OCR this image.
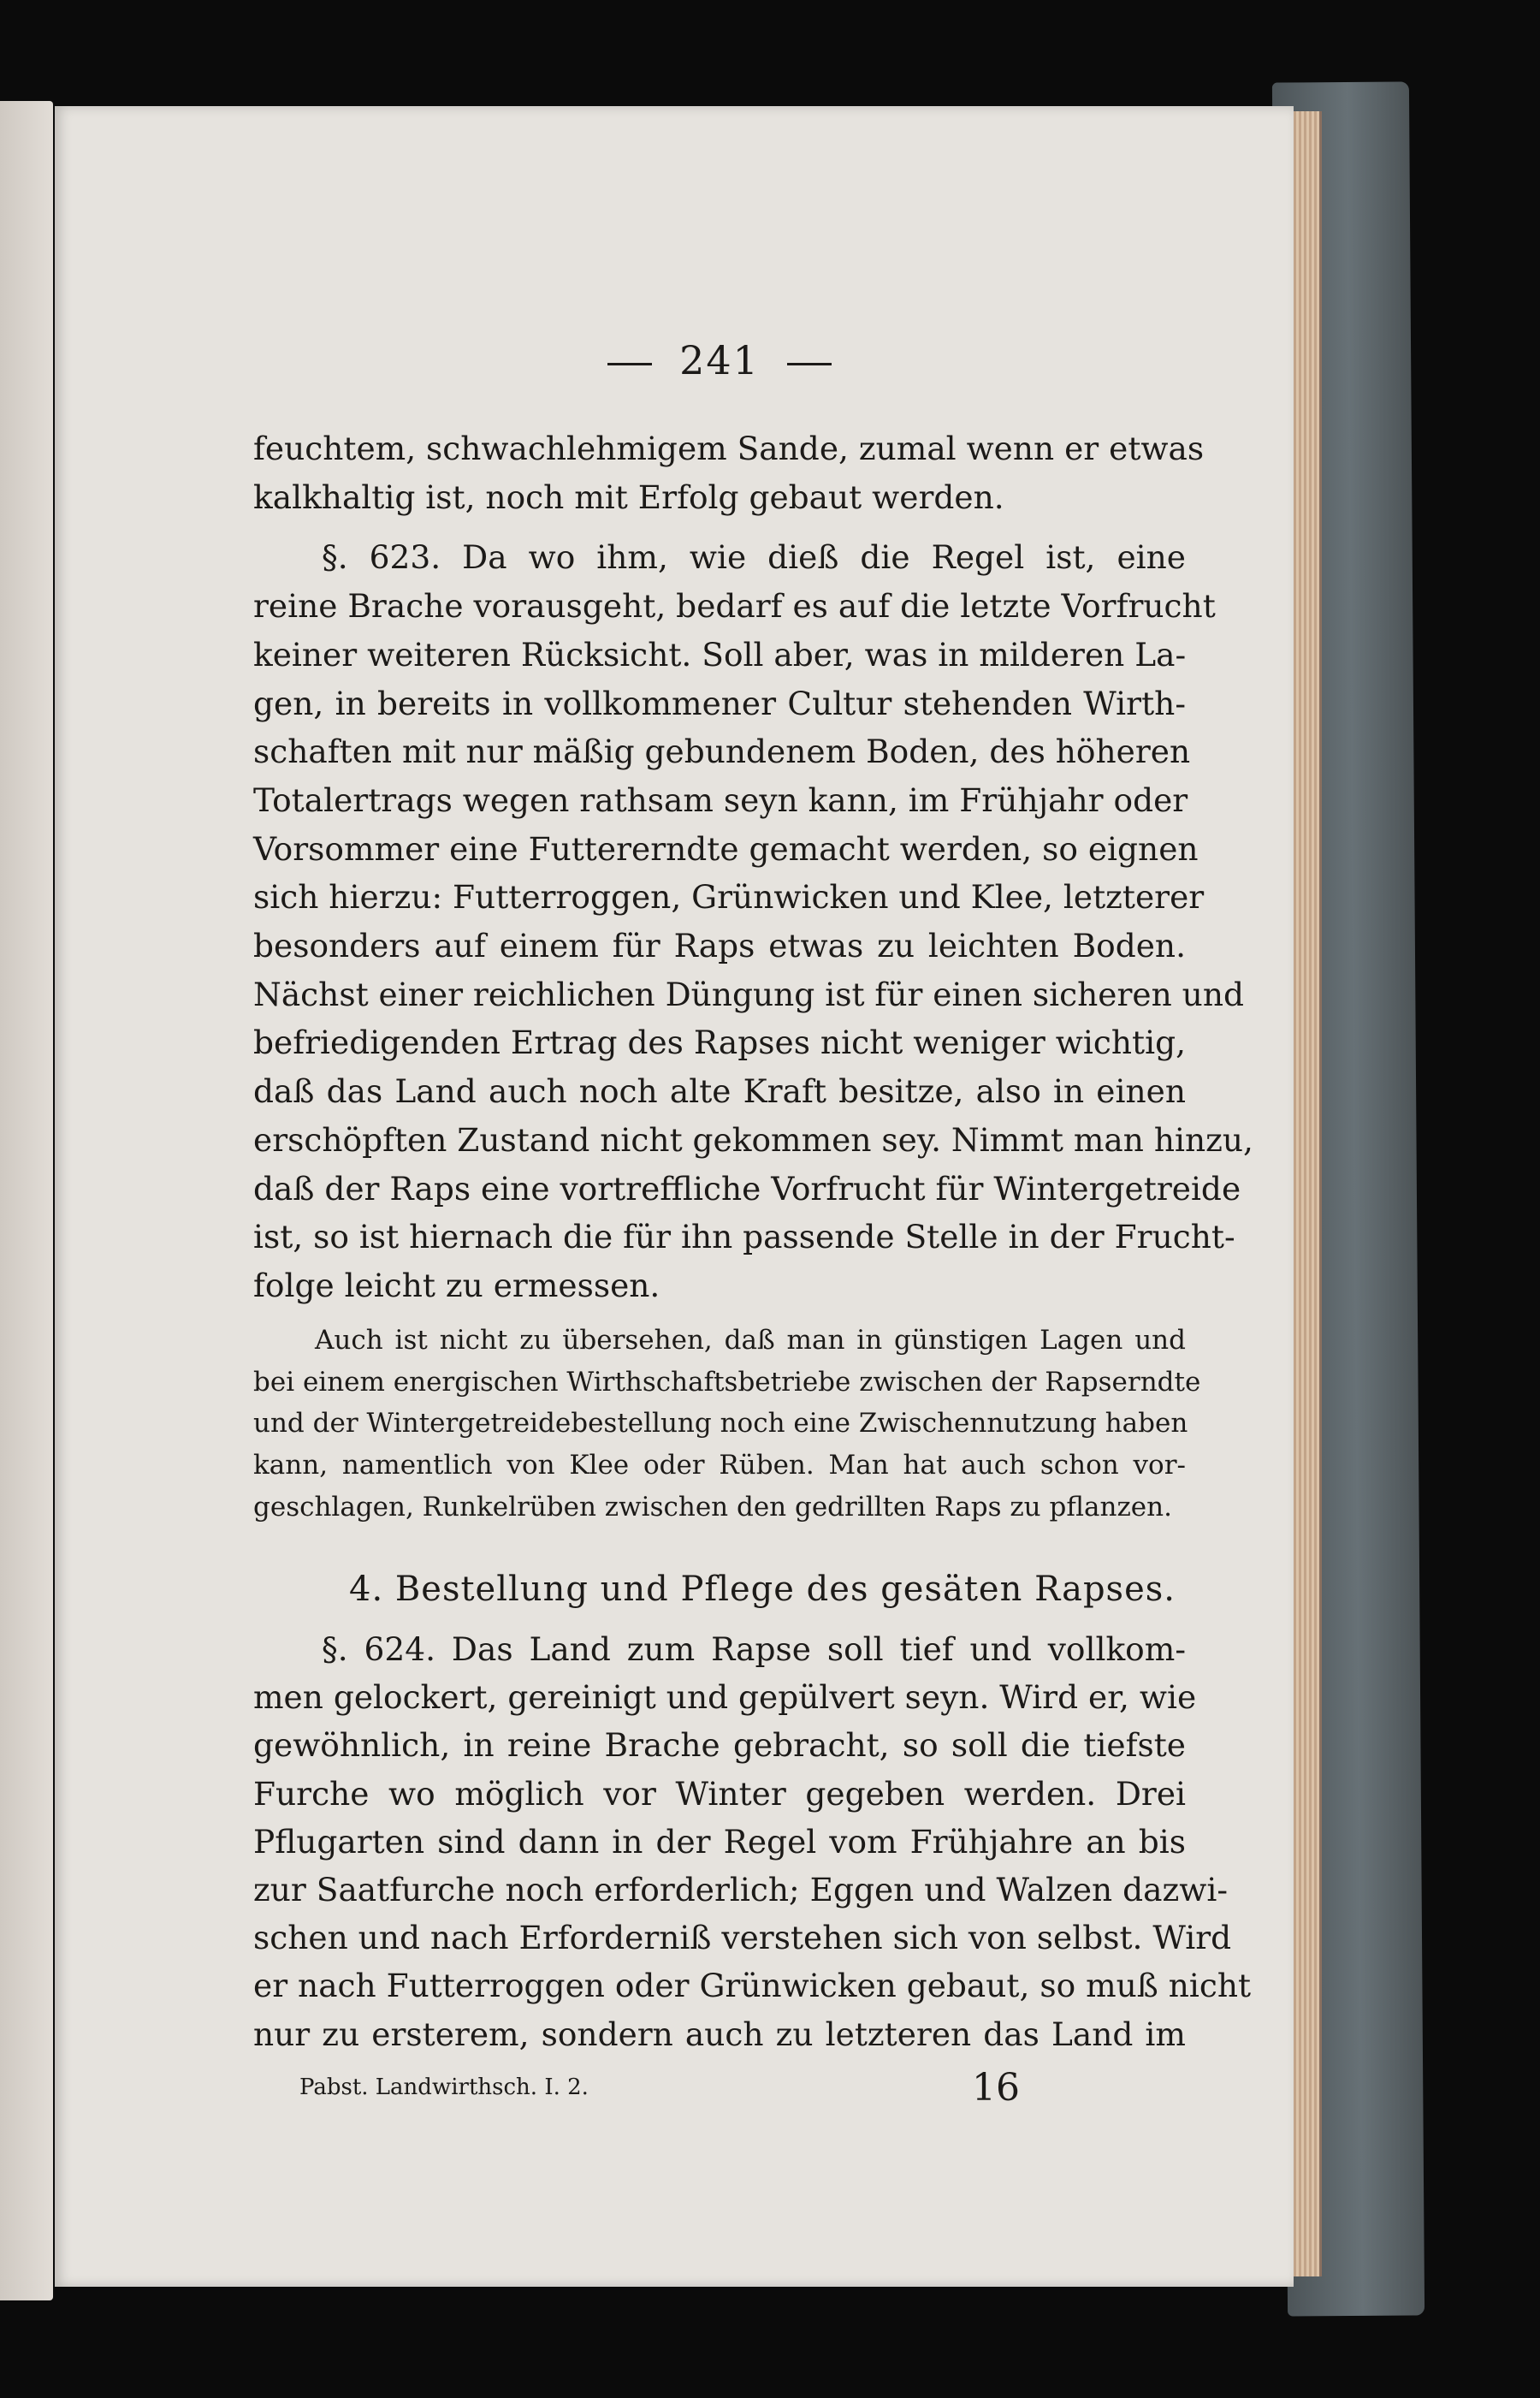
241
feuchtem, schwachlehmigem Sande, zumal wenn er etwas
kalkhaltig ist, noch mit Erfolg gebaut werden.
§. 623. Da wo ihm, wie dieß die Regel ist, eine
reine Brache vorausgeht, bedarf es auf die letzte Vorfrucht
keiner weiteren Rücksicht. Soll aber, was in milderen La-
gen, in bereits in vollkommener Cultur stehenden Wirth-
schaften mit nur mäßig gebundenem Boden, des höheren
Totalertrags wegen rathsam seyn kann, im Frühjahr oder
Vorsommer eine Futtererndte gemacht werden, so eignen
sich hierzu: Futterroggen, Grünwicken und Klee, letzterer
besonders auf einem für Raps etwas zu leichten Boden.
Nächst einer reichlichen Düngung ist für einen sicheren und
befriedigenden Ertrag des Rapses nicht weniger wichtig,
daß das Land auch noch alte Kraft besitze, also in einen
erschöpften Zustand nicht gekommen sey. Nimmt man hinzu,
daß der Raps eine vortreffliche Vorfrucht für Wintergetreide
ist, so ist hiernach die für ihn passende Stelle in der Frucht-
folge leicht zu ermessen.
Auch ist nicht zu übersehen, daß man in günstigen Lagen und
bei einem energischen Wirthschaftsbetriebe zwischen der Rapserndte
und der Wintergetreidebestellung noch eine Zwischennutzung haben
kann, namentlich von Klee oder Rüben. Man hat auch schon vor-
geschlagen, Runkelrüben zwischen den gedrillten Raps zu pflanzen.
4. Bestellung und Pflege des gesäten Rapses.
§. 624. Das Land zum Rapse soll tief und vollkom-
men gelockert, gereinigt und gepülvert seyn. Wird er, wie
gewöhnlich, in reine Brache gebracht, so soll die tiefste
Furche wo möglich vor Winter gegeben werden. Drei
Pflugarten sind dann in der Regel vom Frühjahre an bis
zur Saatfurche noch erforderlich; Eggen und Walzen dazwi-
schen und nach Erforderniß verstehen sich von selbst. Wird
er nach Futterroggen oder Grünwicken gebaut, so muß nicht
nur zu ersterem, sondern auch zu letzteren das Land im
Pabst. Landwirthsch. I. 2.	16
